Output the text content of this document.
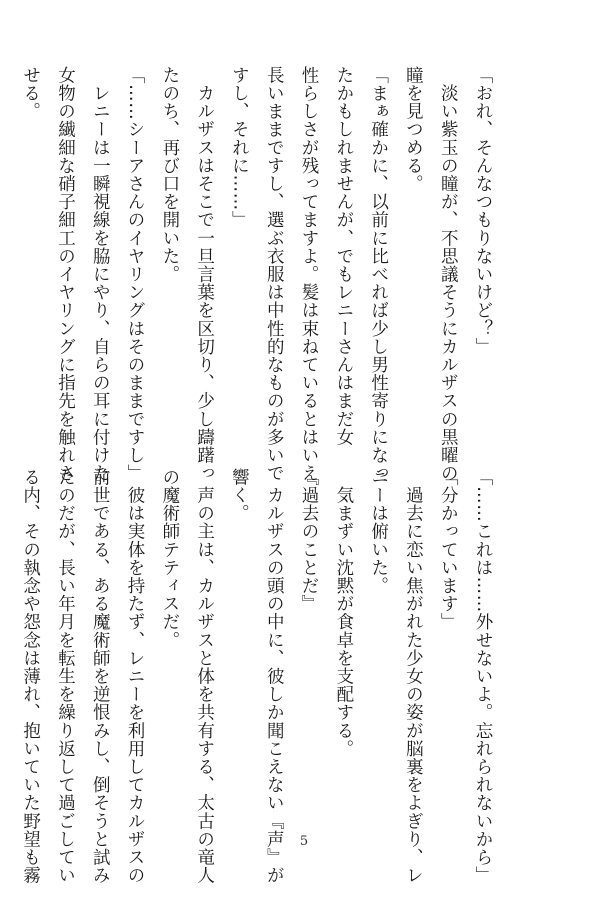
「おれ、そんなつもりないけど？」
　淡い紫玉の瞳が、不思議そうにカルザスの黒曜の
瞳を見つめる。
「まぁ確かに、以前に比べれば少し男性寄りになっ
たかもしれませんが、でもレニーさんはまだ女
性らしさが残ってますよ。髪は束ねているとはいえ
長いままですし、選ぶ衣服は中性的なものが多いで
すし、それに……」
　カルザスはそこで一旦言葉を区切り、少し躊躇っ
たのち、再び口を開いた。
「……シーアさんのイヤリングはそのままですし」
　レニーは一瞬視線を脇にやり、自らの耳に付けた
女物の繊細な硝子細工のイヤリングに指先を触れさ
せる。
「……これは……外せないよ。忘れられないから」
「分かっています」
　過去に恋い焦がれた少女の姿が脳裏をよぎり、レ
ニーは俯いた。
　気まずい沈黙が食卓を支配する。
『過去のことだ』
　カルザスの頭の中に、彼しか聞こえない『声』が
響く。
　声の主は、カルザスと体を共有する、太古の竜人
の魔術師テティスだ。
　彼は実体を持たず、レニーを利用してカルザスの
前世である、ある魔術師を逆恨みし、倒そうと試み
たのだが、長い年月を転生を繰り返して過ごしてい
る内、その執念や怨念は薄れ、抱いていた野望も霧	5
